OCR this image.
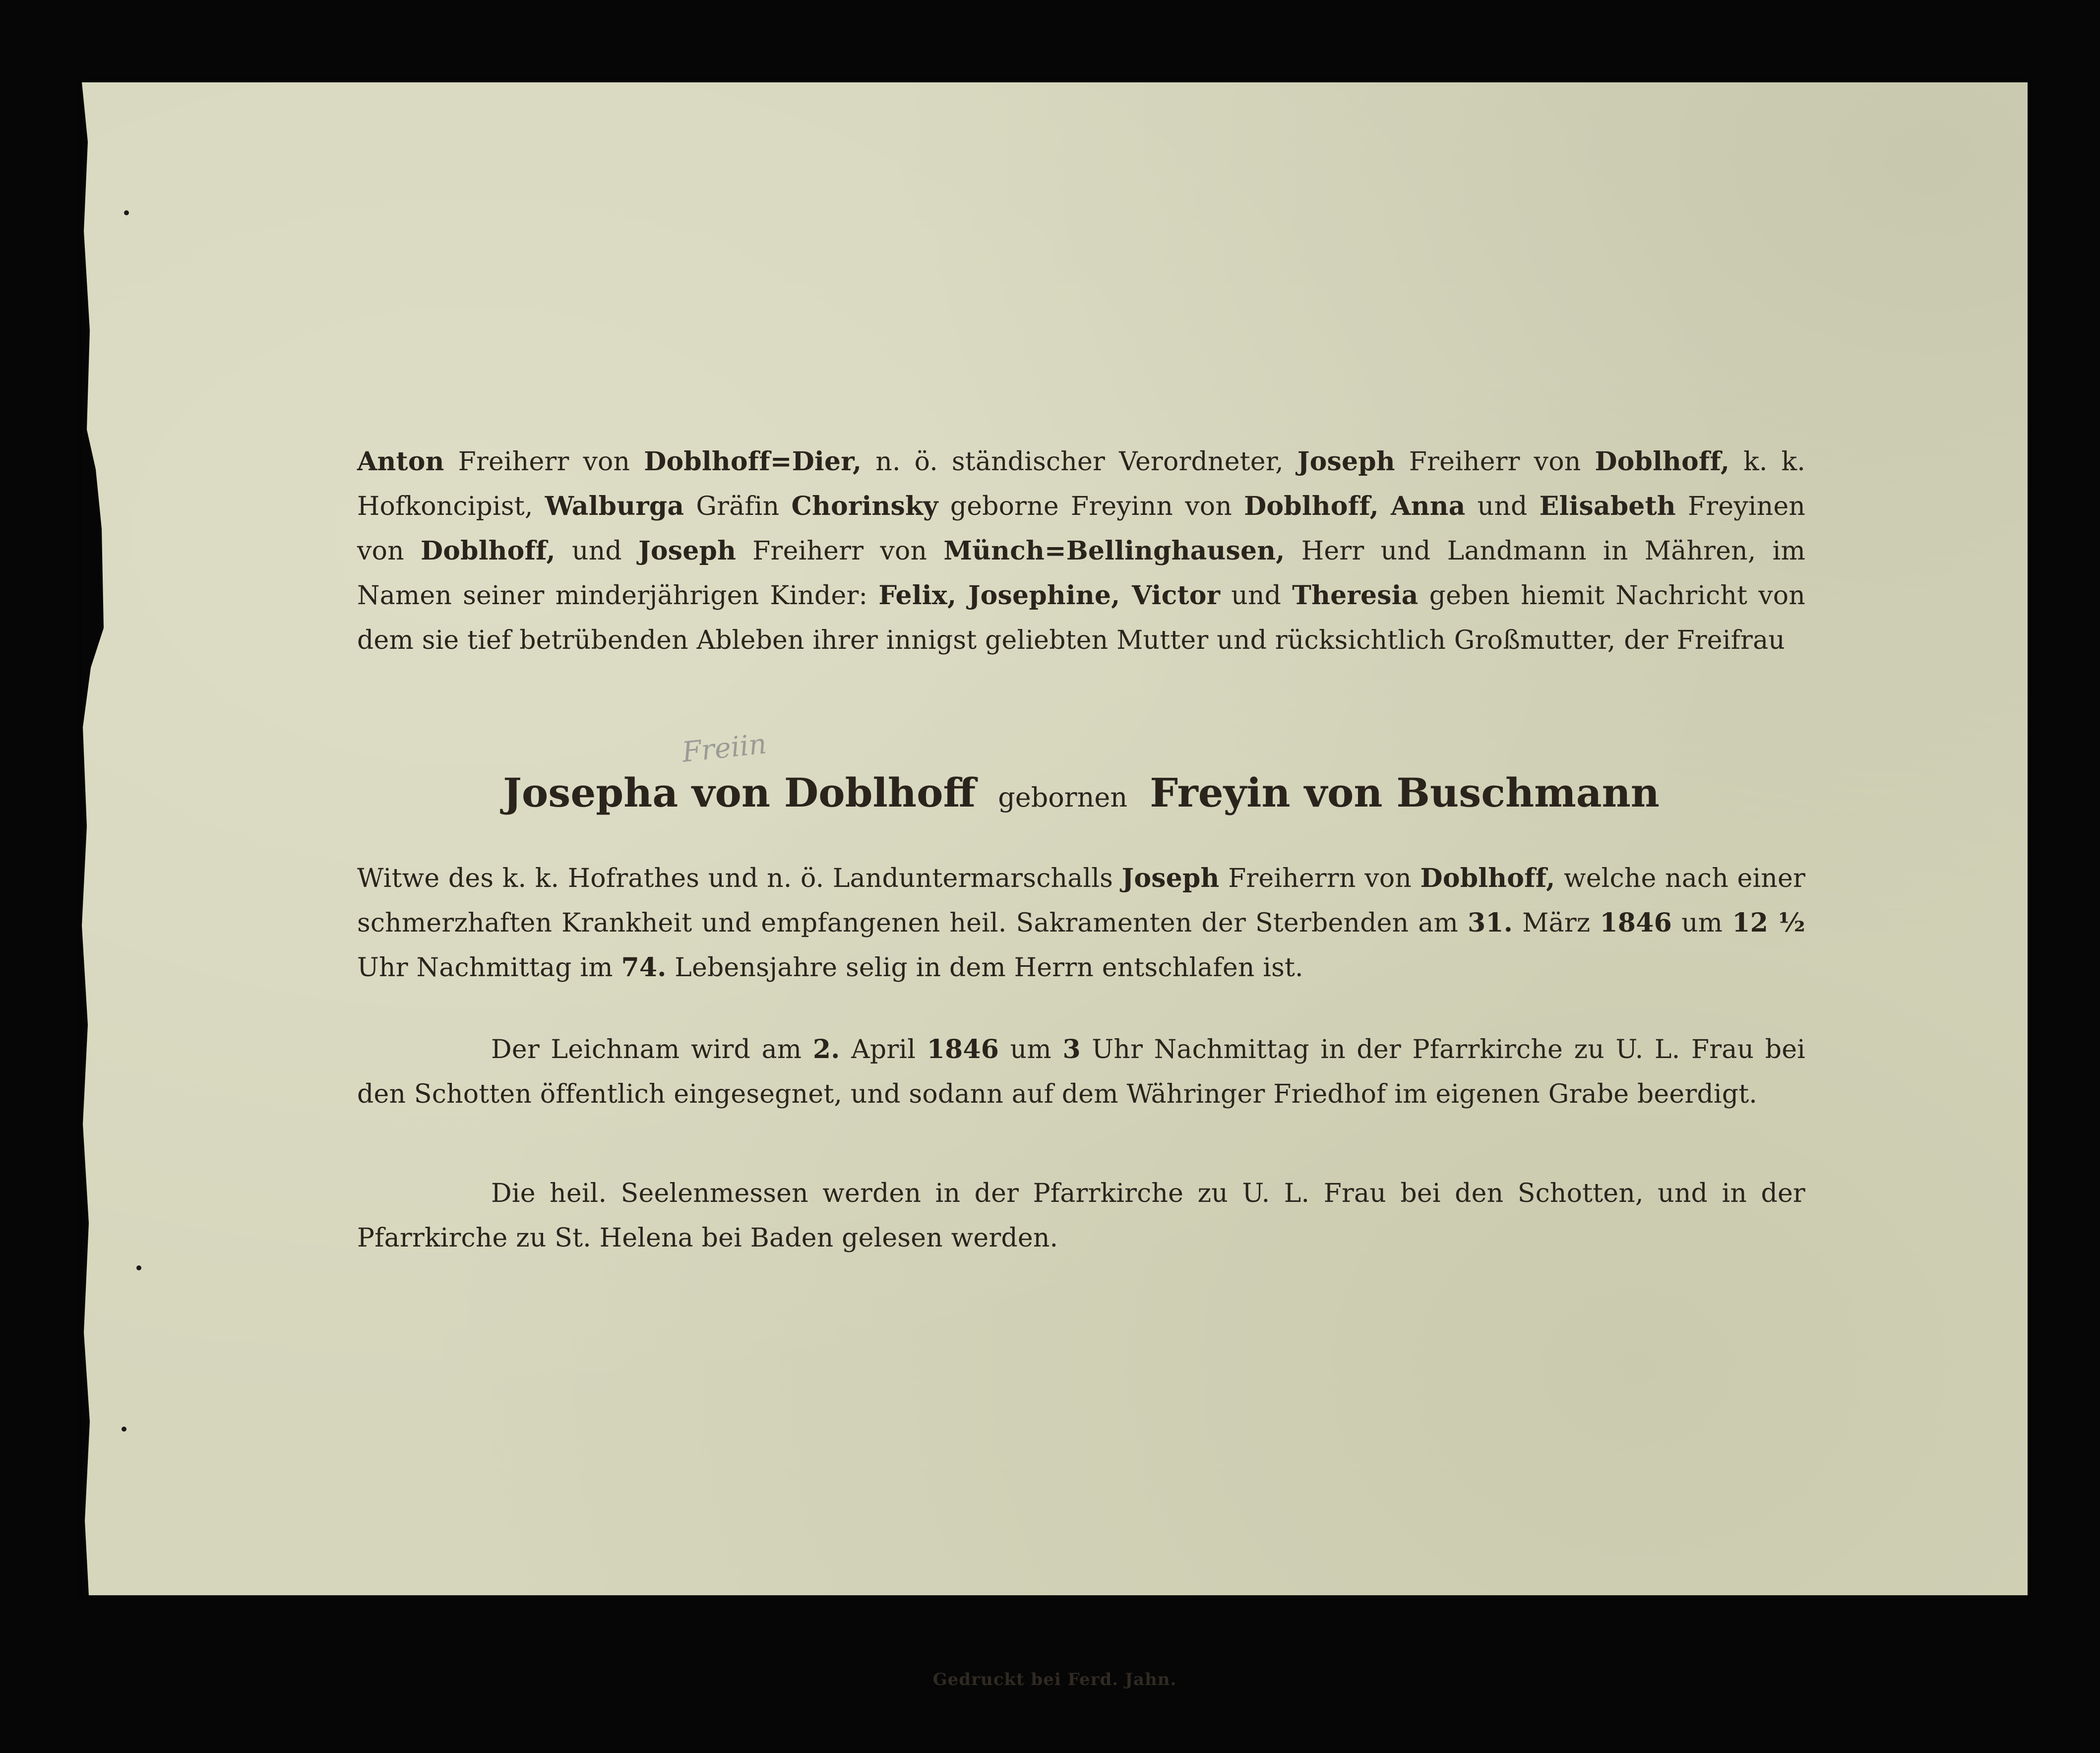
Anton Freiherr von Doblhoff=Dier, n. ö. ständischer Verordneter, Joseph Freiherr von Doblhoff, k. k. Hofkoncipist, Walburga Gräfin Chorinsky geborne Freyinn von Doblhoff, Anna und Elisabeth Freyinen von Doblhoff, und Joseph Freiherr von Münch=Bellinghausen, Herr und Landmann in Mähren, im Namen seiner minderjährigen Kinder: Felix, Josephine, Victor und Theresia geben hiemit Nachricht von dem sie tief betrübenden Ableben ihrer innigst geliebten Mutter und rücksichtlich Großmutter, der Freifrau
Freiin
Josepha von Doblhoff gebornen Freyin von Buschmann
Witwe des k. k. Hofrathes und n. ö. Landuntermarschalls Joseph Freiherrn von Doblhoff, welche nach einer schmerzhaften Krankheit und empfangenen heil. Sakramenten der Sterbenden am 31. März 1846 um 12 ½ Uhr Nachmittag im 74. Lebensjahre selig in dem Herrn entschlafen ist.
Der Leichnam wird am 2. April 1846 um 3 Uhr Nachmittag in der Pfarrkirche zu U. L. Frau bei den Schotten öffentlich eingesegnet, und sodann auf dem Währinger Friedhof im eigenen Grabe beerdigt.
Die heil. Seelenmessen werden in der Pfarrkirche zu U. L. Frau bei den Schotten, und in der Pfarrkirche zu St. Helena bei Baden gelesen werden.
Gedruckt bei Ferd. Jahn.
